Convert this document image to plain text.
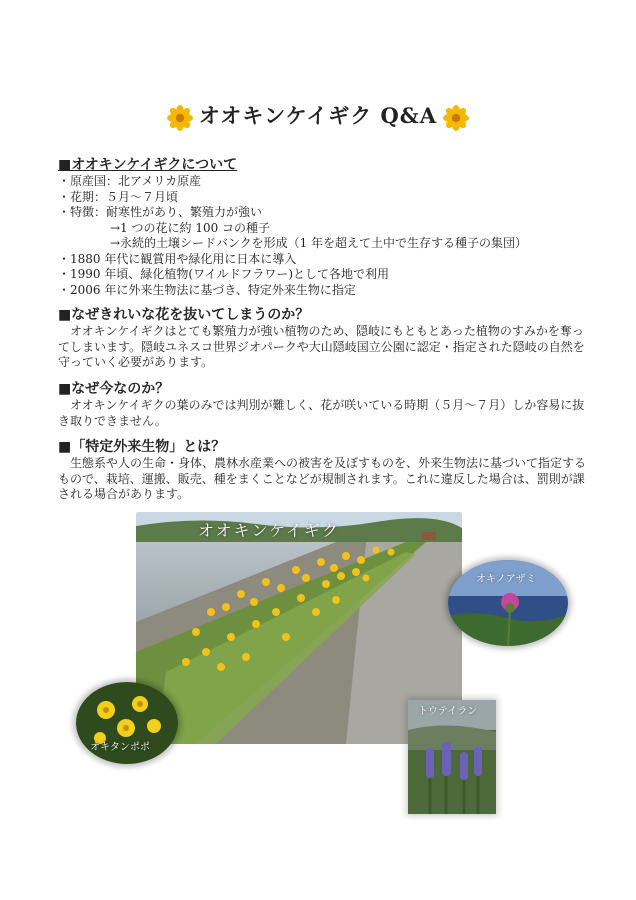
オオキンケイギク Q&A
■オオキンケイギクについて
・原産国：北アメリカ原産
・花期：５月〜７月頃
・特徴：耐寒性があり、繁殖力が強い
→1 つの花に約 100 コの種子
→永続的土壌シードバンクを形成（1 年を超えて土中で生存する種子の集団）
・1880 年代に観賞用や緑化用に日本に導入
・1990 年頃、緑化植物(ワイルドフラワー)として各地で利用
・2006 年に外来生物法に基づき、特定外来生物に指定
■なぜきれいな花を抜いてしまうのか？
オオキンケイギクはとても繁殖力が強い植物のため、隠岐にもともとあった植物のすみかを奪ってしまいます。隠岐ユネスコ世界ジオパークや大山隠岐国立公園に認定・指定された隠岐の自然を守っていく必要があります。
■なぜ今なのか？
オオキンケイギクの葉のみでは判別が難しく、花が咲いている時期（５月〜７月）しか容易に抜き取りできません。
■「特定外来生物」とは？
生態系や人の生命・身体、農林水産業への被害を及ぼすものを、外来生物法に基づいて指定するもので、栽培、運搬、販売、種をまくことなどが規制されます。これに違反した場合は、罰則が課される場合があります。
オオキンケイギク
オキノアザミ
オキタンポポ
トウテイラン
